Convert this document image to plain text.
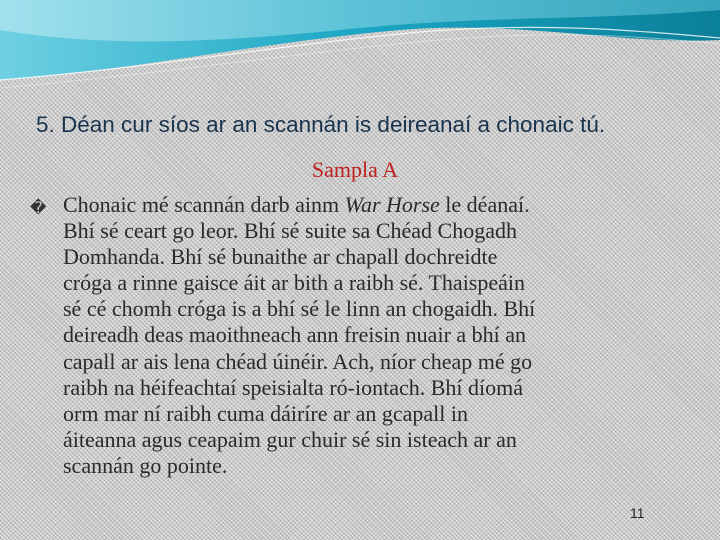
5. Déan cur síos ar an scannán is deireanaí a chonaic tú.
Sampla A
� Chonaic mé scannán darb ainm War Horse le déanaí.
Bhí sé ceart go leor. Bhí sé suite sa Chéad Chogadh
Domhanda. Bhí sé bunaithe ar chapall dochreidte
cróga a rinne gaisce áit ar bith a raibh sé. Thaispeáin
sé cé chomh cróga is a bhí sé le linn an chogaidh. Bhí
deireadh deas maoithneach ann freisin nuair a bhí an
capall ar ais lena chéad úinéir. Ach, níor cheap mé go
raibh na héifeachtaí speisialta ró-iontach. Bhí díomá
orm mar ní raibh cuma dáiríre ar an gcapall in
áiteanna agus ceapaim gur chuir sé sin isteach ar an
scannán go pointe.
11
